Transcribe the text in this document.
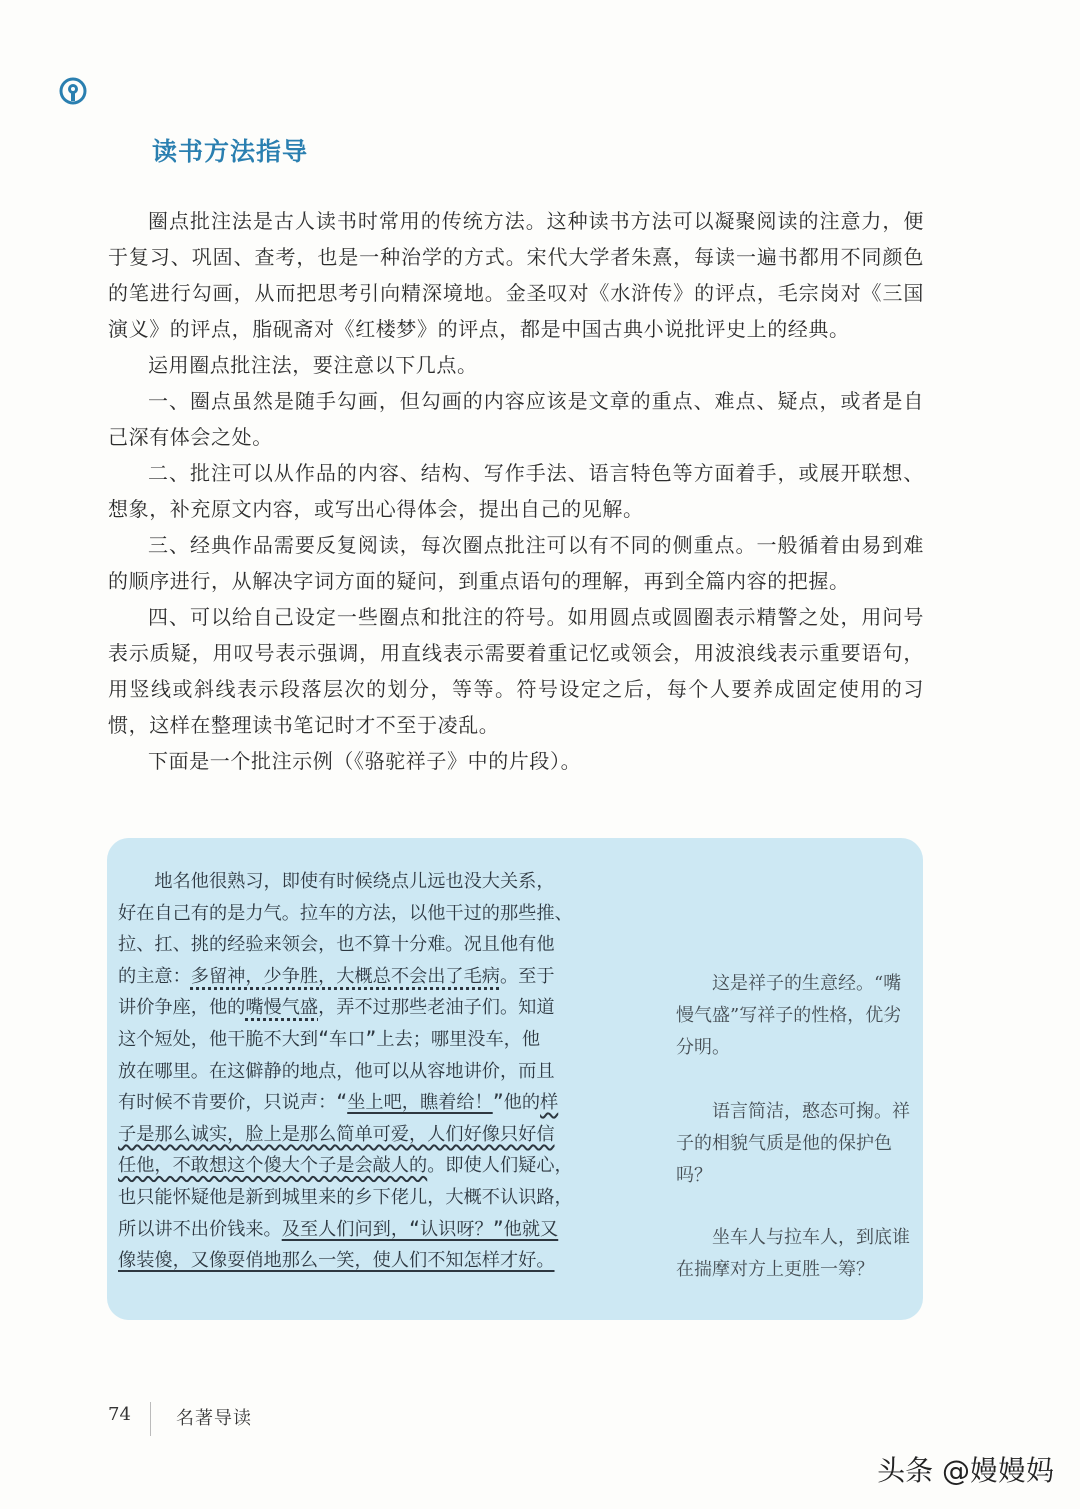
读书方法指导

圈点批注法是古人读书时常用的传统方法。这种读书方法可以凝聚阅读的注意力，便于复习、巩固、查考，也是一种治学的方式。宋代大学者朱熹，每读一遍书都用不同颜色的笔进行勾画，从而把思考引向精深境地。金圣叹对《水浒传》的评点，毛宗岗对《三国演义》的评点，脂砚斋对《红楼梦》的评点，都是中国古典小说批评史上的经典。

运用圈点批注法，要注意以下几点。

一、圈点虽然是随手勾画，但勾画的内容应该是文章的重点、难点、疑点，或者是自己深有体会之处。

二、批注可以从作品的内容、结构、写作手法、语言特色等方面着手，或展开联想、想象，补充原文内容，或写出心得体会，提出自己的见解。

三、经典作品需要反复阅读，每次圈点批注可以有不同的侧重点。一般循着由易到难的顺序进行，从解决字词方面的疑问，到重点语句的理解，再到全篇内容的把握。

四、可以给自己设定一些圈点和批注的符号。如用圆点或圆圈表示精警之处，用问号表示质疑，用叹号表示强调，用直线表示需要着重记忆或领会，用波浪线表示重要语句，用竖线或斜线表示段落层次的划分，等等。符号设定之后，每个人要养成固定使用的习惯，这样在整理读书笔记时才不至于凌乱。

下面是一个批注示例（《骆驼祥子》中的片段）。

地名他很熟习，即使有时候绕点儿远也没大关系，
好在自己有的是力气。拉车的方法，以他干过的那些推、
拉、扛、挑的经验来领会，也不算十分难。况且他有他
的主意：多留神，少争胜，大概总不会出了毛病。至于
讲价争座，他的嘴慢气盛，弄不过那些老油子们。知道
这个短处，他干脆不大到“车口”上去；哪里没车，他
放在哪里。在这僻静的地点，他可以从容地讲价，而且
有时候不肯要价，只说声：“坐上吧，瞧着给！”他的样
子是那么诚实，脸上是那么简单可爱，人们好像只好信
任他，不敢想这个傻大个子是会敲人的。即使人们疑心，
也只能怀疑他是新到城里来的乡下佬儿，大概不认识路，
所以讲不出价钱来。及至人们问到，“认识呀？”他就又
像装傻，又像耍俏地那么一笑，使人们不知怎样才好。
这是祥子的生意经。“嘴慢气盛”写祥子的性格，优劣分明。
语言简洁，憨态可掬。祥子的相貌气质是他的保护色吗？
坐车人与拉车人，到底谁在揣摩对方上更胜一筹？
74	名著导读
头条 @嫚嫚妈
